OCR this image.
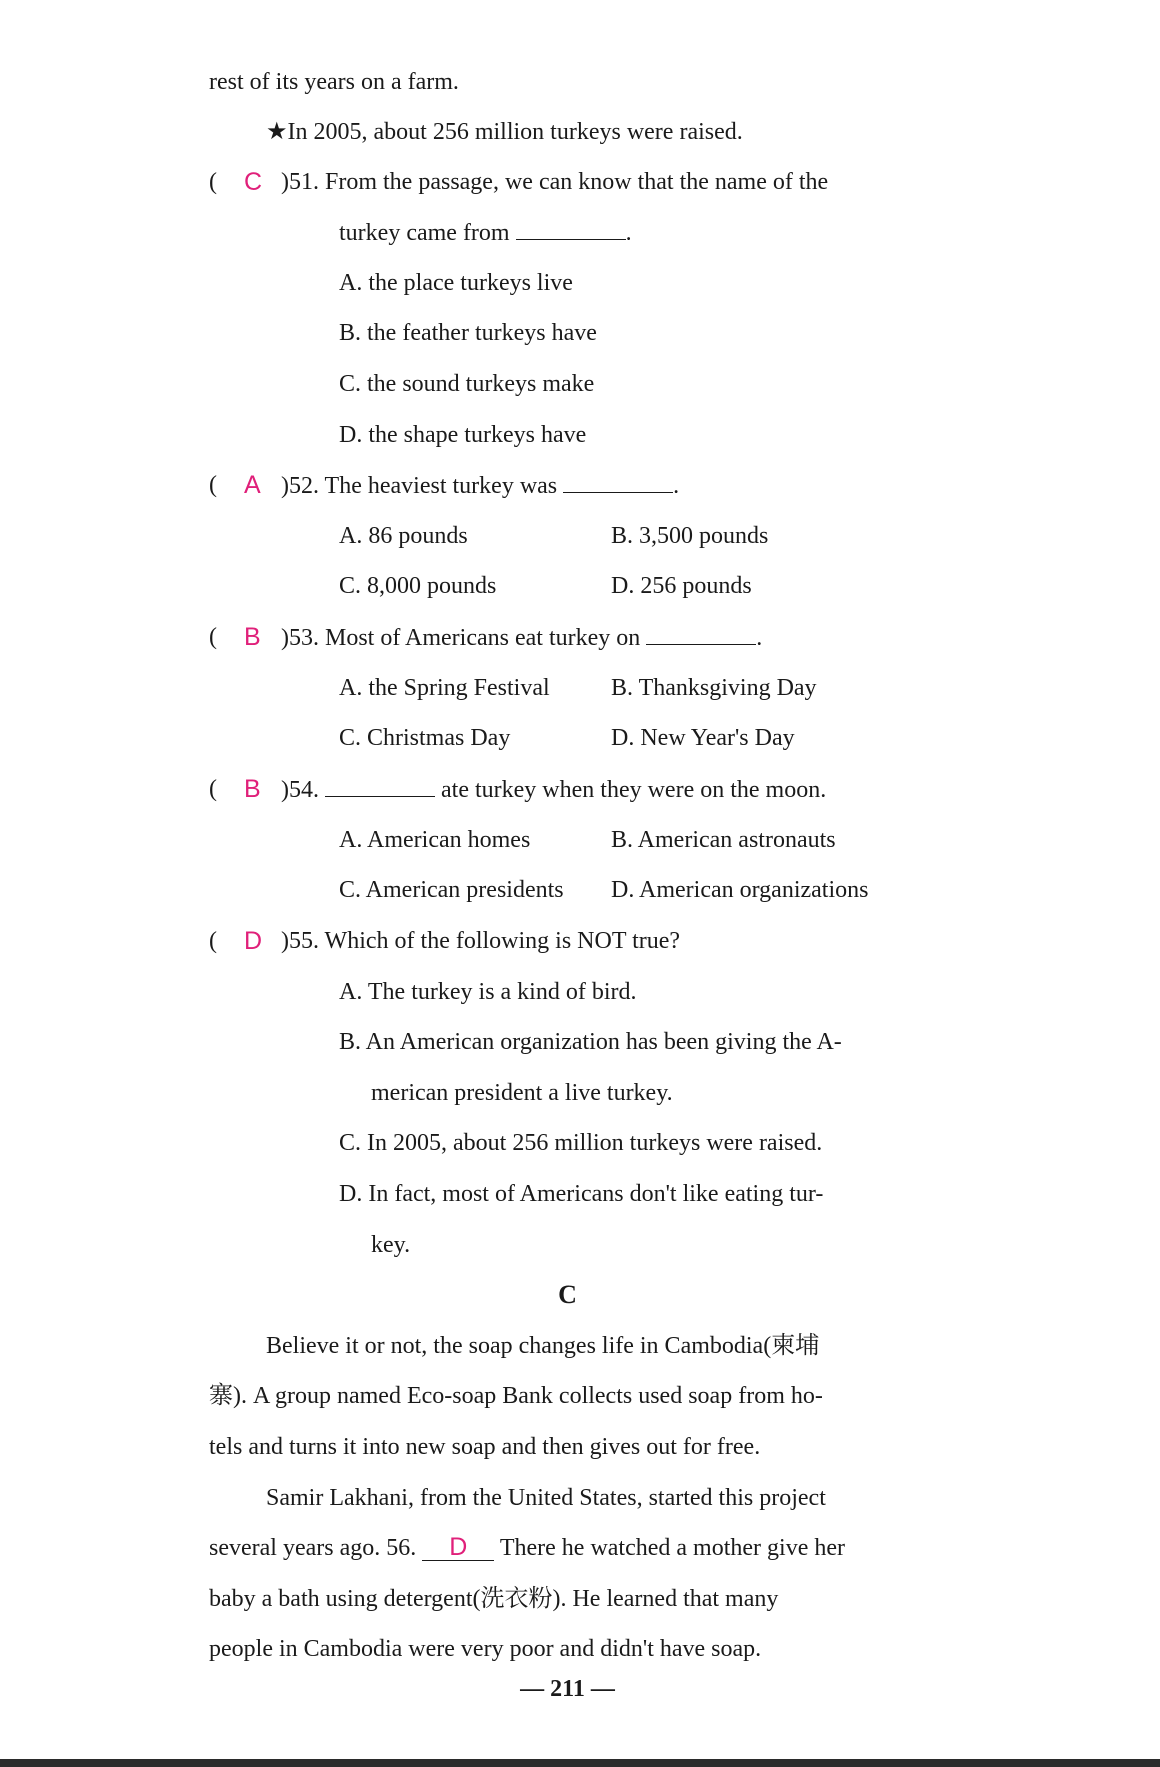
rest of its years on a farm.
★In 2005, about 256 million turkeys were raised.
( C )51. From the passage, we can know that the name of the
turkey came from	.
A. the place turkeys live
B. the feather turkeys have
C. the sound turkeys make
D. the shape turkeys have
( A )52. The heaviest turkey was	.
A. 86 pounds	B. 3,500 pounds
C. 8,000 pounds	D. 256 pounds
( B )53. Most of Americans eat turkey on	.
A. the Spring Festival	B. Thanksgiving Day
C. Christmas Day	D. New Year's Day
( B )54.	ate turkey when they were on the moon.
A. American homes	B. American astronauts
C. American presidents D. American organizations
( D )55. Which of the following is NOT true?
A. The turkey is a kind of bird.
B. An American organization has been giving the A-
merican president a live turkey.
C. In 2005, about 256 million turkeys were raised.
D. In fact, most of Americans don't like eating tur-
key.
C
Believe it or not, the soap changes life in Cambodia(柬埔
寨). A group named Eco-soap Bank collects used soap from ho-
tels and turns it into new soap and then gives out for free.
Samir Lakhani, from the United States, started this project
several years ago. 56. D There he watched a mother give her
baby a bath using detergent(洗衣粉). He learned that many
people in Cambodia were very poor and didn't have soap.
— 211 —
